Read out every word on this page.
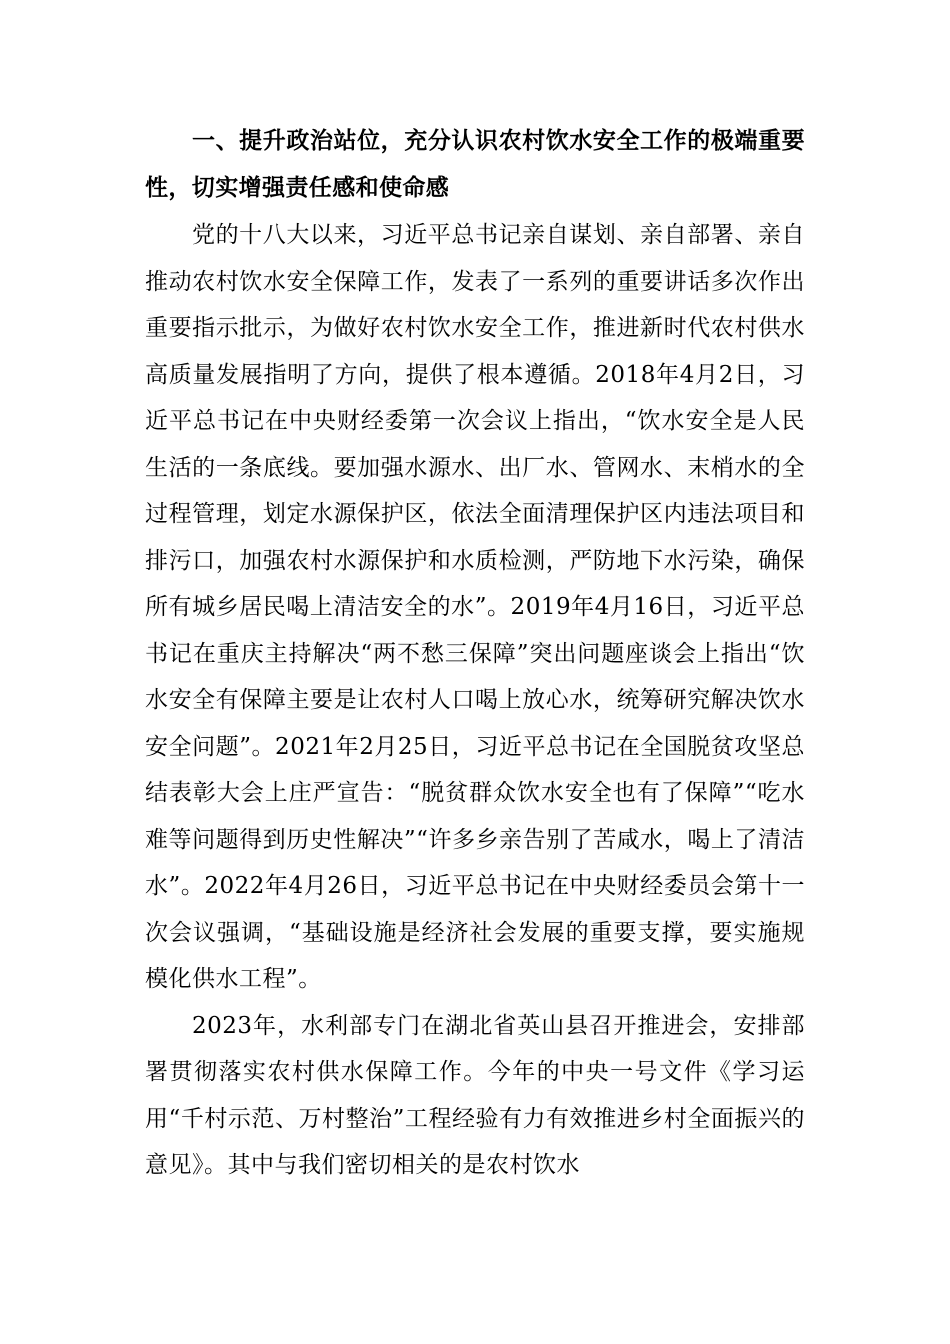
一、提升政治站位，充分认识农村饮水安全工作的极端重要性，切实增强责任感和使命感

党的十八大以来，习近平总书记亲自谋划、亲自部署、亲自推动农村饮水安全保障工作，发表了一系列的重要讲话多次作出重要指示批示，为做好农村饮水安全工作，推进新时代农村供水高质量发展指明了方向，提供了根本遵循。2018年4月2日，习近平总书记在中央财经委第一次会议上指出，“饮水安全是人民生活的一条底线。要加强水源水、出厂水、管网水、末梢水的全过程管理，划定水源保护区，依法全面清理保护区内违法项目和排污口，加强农村水源保护和水质检测，严防地下水污染，确保所有城乡居民喝上清洁安全的水”。2019年4月16日，习近平总书记在重庆主持解决“两不愁三保障”突出问题座谈会上指出“饮水安全有保障主要是让农村人口喝上放心水，统筹研究解决饮水安全问题”。2021年2月25日，习近平总书记在全国脱贫攻坚总结表彰大会上庄严宣告：“脱贫群众饮水安全也有了保障”“吃水难等问题得到历史性解决”“许多乡亲告别了苦咸水，喝上了清洁水”。2022年4月26日，习近平总书记在中央财经委员会第十一次会议强调，“基础设施是经济社会发展的重要支撑，要实施规模化供水工程”。

2023年，水利部专门在湖北省英山县召开推进会，安排部署贯彻落实农村供水保障工作。今年的中央一号文件《学习运用“千村示范、万村整治”工程经验有力有效推进乡村全面振兴的意见》。其中与我们密切相关的是农村饮水
